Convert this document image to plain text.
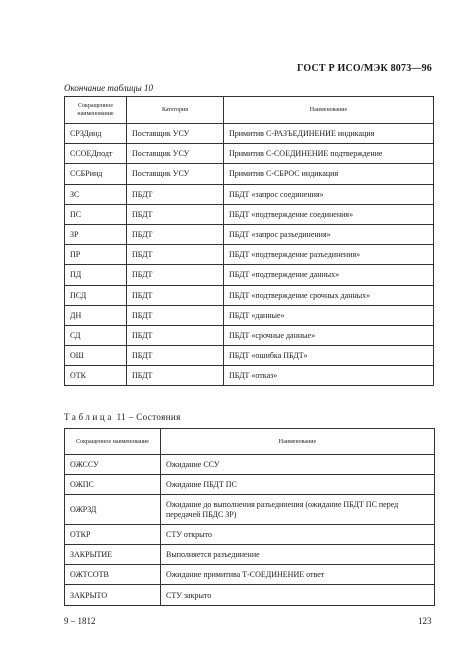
ГОСТ Р ИСО/МЭК 8073—96
Окончание таблицы 10
Сокращенное наименование	Категория	Наименование
СРЗДинд	Поставщик УСУ	Примитив С-РАЗЪЕДИНЕНИЕ индикация
ССОЕДподт	Поставщик УСУ	Примитив С-СОЕДИНЕНИЕ подтверждение
ССБРинд	Поставщик УСУ	Примитив С-СБРОС индикация
ЗС	ПБДТ	ПБДТ «запрос соединения»
ПС	ПБДТ	ПБДТ «подтверждение соединения»
ЗР	ПБДТ	ПБДТ «запрос разъединения»
ПР	ПБДТ	ПБДТ «подтверждение разъединения»
ПД	ПБДТ	ПБДТ «подтверждение данных»
ПСД	ПБДТ	ПБДТ «подтверждение срочных данных»
ДН	ПБДТ	ПБДТ «данные»
СД	ПБДТ	ПБДТ «срочные данные»
ОШ	ПБДТ	ПБДТ «ошибка ПБДТ»
ОТК	ПБДТ	ПБДТ «отказ»
Таблица 11 – Состояния
Сокращенное наименование	Наименование
ОЖССУ	Ожидание ССУ
ОЖПС	Ожидание ПБДТ ПС
ОЖРЗД	Ожидание до выполнения разъединения (ожидание ПБДТ ПС перед передачей ПБДС ЗР)
ОТКР	СТУ открыто
ЗАКРЫТИЕ	Выполняется разъединение
ОЖТСОТВ	Ожидание примитива Т-СОЕДИНЕНИЕ ответ
ЗАКРЫТО	СТУ закрыто
9 – 1812	123
